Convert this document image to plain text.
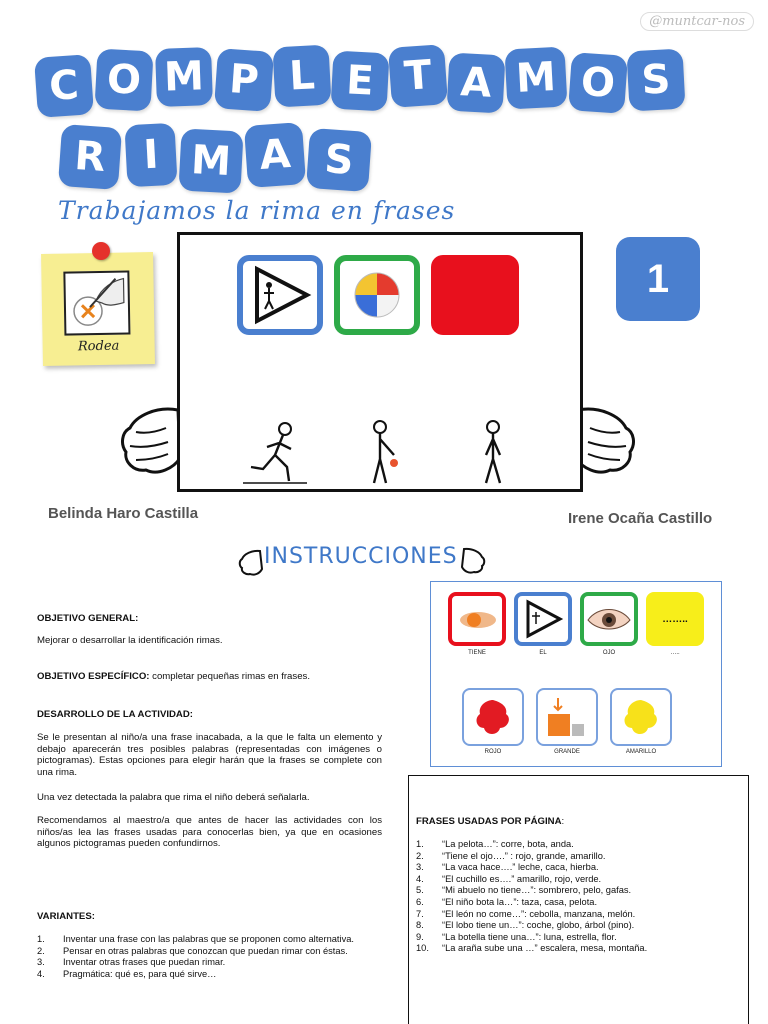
@muntcar-nos
C O M P L E T A M O S
R I M A S
Trabajamos la rima en frases
Rodea
1
Belinda Haro Castilla	Irene Ocaña Castillo
INSTRUCCIONES
OBJETIVO GENERAL:
Mejorar o desarrollar la identificación rimas.
OBJETIVO ESPECÍFICO: completar pequeñas rimas en frases.
DESARROLLO DE LA ACTIVIDAD:
Se le presentan al niño/a una frase inacabada, a la que le falta un elemento y debajo aparecerán tres posibles palabras (representadas con imágenes o pictogramas). Estas opciones para elegir harán que la frases se complete con una rima.
Una vez detectada la palabra que rima el niño deberá señalarla.
Recomendamos al maestro/a que antes de hacer las actividades con los niños/as lea las frases usadas para conocerlas bien, ya que en ocasiones algunos pictogramas pueden confundirnos.
VARIANTES:
1.	Inventar una frase con las palabras que se proponen como alternativa.
2.	Pensar en otras palabras que conozcan que puedan rimar con éstas.
3.	Inventar otras frases que puedan rimar.
4.	Pragmática: qué es, para qué sirve…
……..
TIENE	EL	OJO	…..
ROJO	GRANDE	AMARILLO
FRASES USADAS POR PÁGINA:
1.	“La pelota…”: corre, bota, anda.
2.	“Tiene el ojo….” : rojo, grande, amarillo.
3.	“La vaca hace….” leche, caca, hierba.
4.	“El cuchillo es….” amarillo, rojo, verde.
5.	“Mi abuelo no tiene…”: sombrero, pelo, gafas.
6.	“El niño bota la…”: taza, casa, pelota.
7.	“El león no come…”: cebolla, manzana, melón.
8.	“El lobo tiene un…”: coche, globo, árbol (pino).
9.	“La botella tiene una…”: luna, estrella, flor.
10.	“La araña sube una …” escalera, mesa, montaña.
